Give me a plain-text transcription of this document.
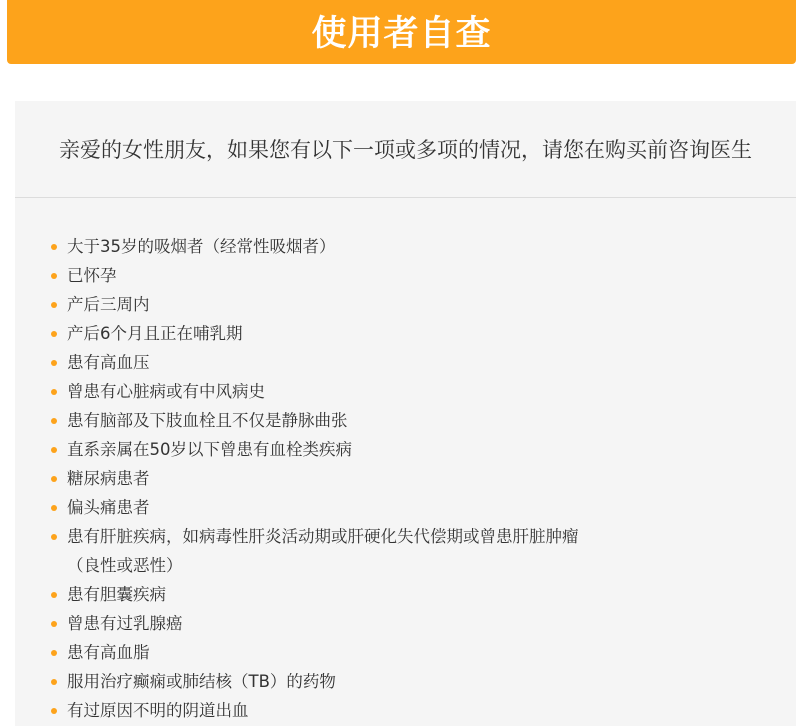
使用者自查
亲爱的女性朋友，如果您有以下一项或多项的情况，请您在购买前咨询医生
大于35岁的吸烟者（经常性吸烟者）
已怀孕
产后三周内
产后6个月且正在哺乳期
患有高血压
曾患有心脏病或有中风病史
患有脑部及下肢血栓且不仅是静脉曲张
直系亲属在50岁以下曾患有血栓类疾病
糖尿病患者
偏头痛患者
患有肝脏疾病，如病毒性肝炎活动期或肝硬化失代偿期或曾患肝脏肿瘤
（良性或恶性）
患有胆囊疾病
曾患有过乳腺癌
患有高血脂
服用治疗癫痫或肺结核（TB）的药物
有过原因不明的阴道出血
